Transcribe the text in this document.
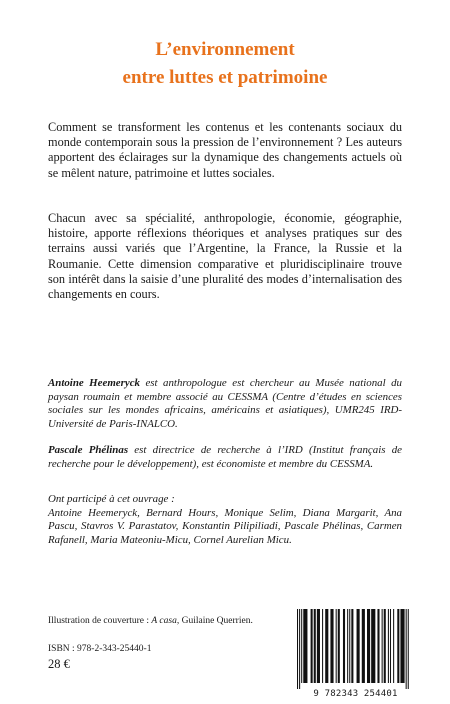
L’environnement
entre luttes et patrimoine
Comment se transforment les contenus et les contenants sociaux du monde contemporain sous la pression de l’environnement ? Les auteurs apportent des éclairages sur la dynamique des changements actuels où se mêlent nature, patrimoine et luttes sociales.
Chacun avec sa spécialité, anthropologie, économie, géographie, histoire, apporte réflexions théoriques et analyses pratiques sur des terrains aussi variés que l’Argentine, la France, la Russie et la Roumanie. Cette dimension comparative et pluridisciplinaire trouve son intérêt dans la saisie d’une pluralité des modes d’internalisation des changements en cours.
Antoine Heemeryck est anthropologue est chercheur au Musée national du paysan roumain et membre associé au CESSMA (Centre d’études en sciences sociales sur les mondes africains, américains et asiatiques), UMR245 IRD-Université de Paris-INALCO.
Pascale Phélinas est directrice de recherche à l’IRD (Institut français de recherche pour le développement), est économiste et membre du CESSMA.
Ont participé à cet ouvrage :
Antoine Heemeryck, Bernard Hours, Monique Selim, Diana Margarit, Ana Pascu, Stavros V. Parastatov, Konstantin Pilipiliadi, Pascale Phélinas, Carmen Rafanell, Maria Mateoniu-Micu, Cornel Aurelian Micu.
Illustration de couverture : A casa, Guilaine Querrien.
ISBN : 978-2-343-25440-1
28 €
9 782343 254401
